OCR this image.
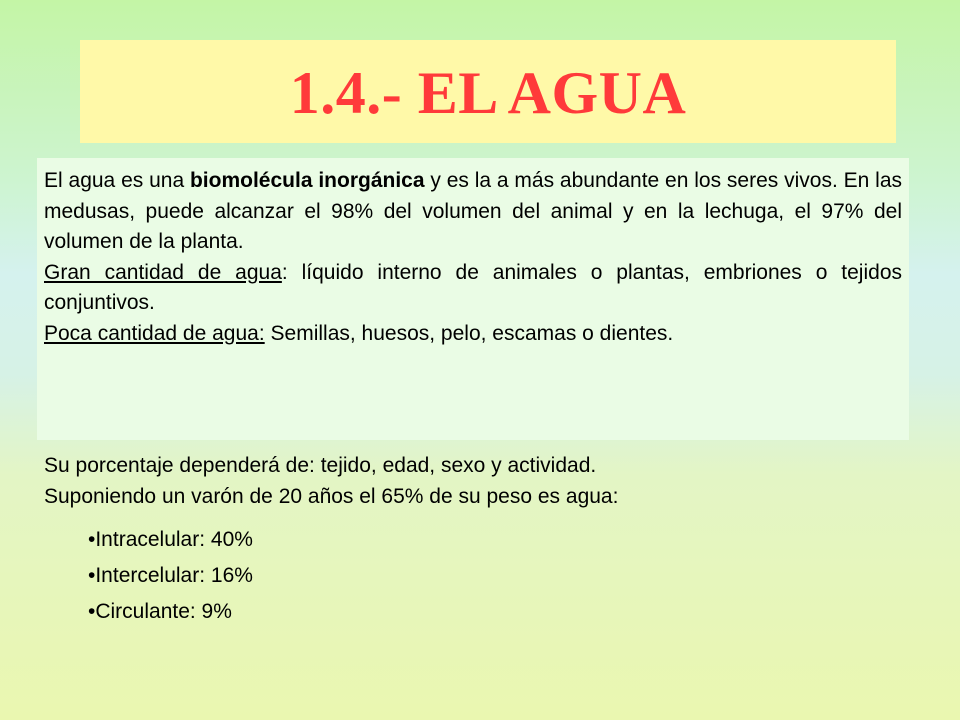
1.4.- EL AGUA

El agua es una biomolécula inorgánica y es la a más abundante en los seres vivos. En las medusas, puede alcanzar el 98% del volumen del animal y en la lechuga, el 97% del volumen de la planta.

Gran cantidad de agua: líquido interno de animales o plantas, embriones o tejidos conjuntivos.

Poca cantidad de agua: Semillas, huesos, pelo, escamas o dientes.

Su porcentaje dependerá de: tejido, edad, sexo y actividad.

Suponiendo un varón de 20 años el 65% de su peso es agua:

•Intracelular: 40%
•Intercelular: 16%
•Circulante: 9%
